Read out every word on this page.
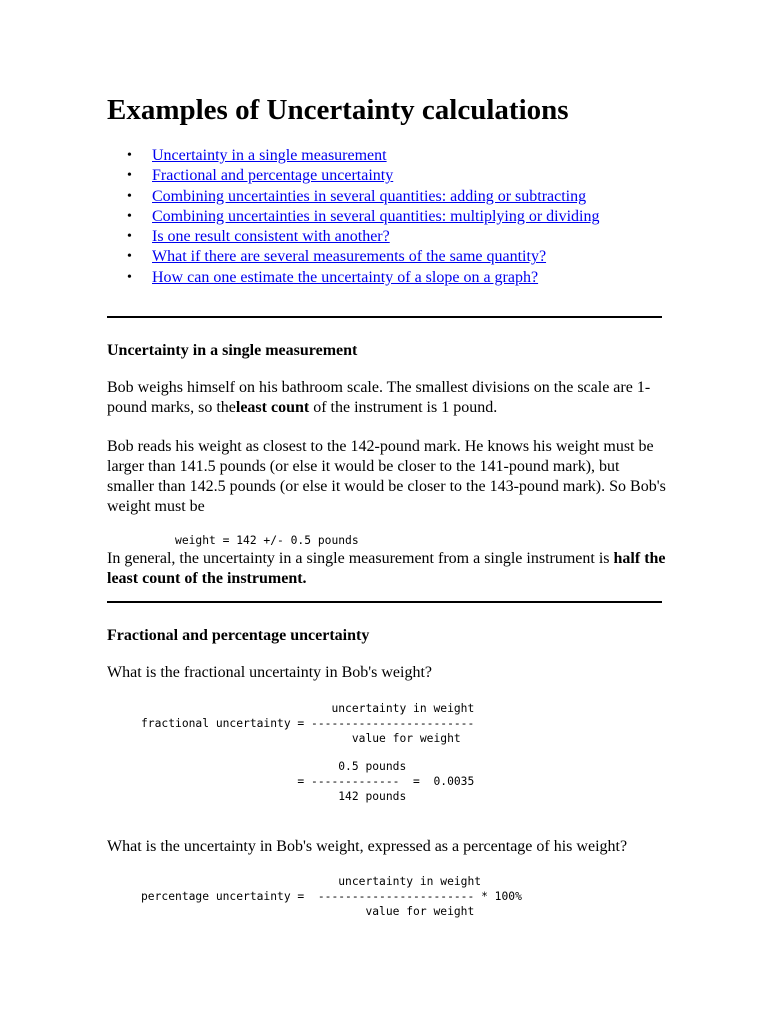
Examples of Uncertainty calculations
• Uncertainty in a single measurement
• Fractional and percentage uncertainty
• Combining uncertainties in several quantities: adding or subtracting
• Combining uncertainties in several quantities: multiplying or dividing
• Is one result consistent with another?
• What if there are several measurements of the same quantity?
• How can one estimate the uncertainty of a slope on a graph?
Uncertainty in a single measurement

Bob weighs himself on his bathroom scale. The smallest divisions on the scale are 1-pound marks, so theleast count of the instrument is 1 pound.

Bob reads his weight as closest to the 142-pound mark. He knows his weight must be larger than 141.5 pounds (or else it would be closer to the 141-pound mark), but smaller than 142.5 pounds (or else it would be closer to the 143-pound mark). So Bob's weight must be

weight = 142 +/- 0.5 pounds

In general, the uncertainty in a single measurement from a single instrument is half the least count of the instrument.

Fractional and percentage uncertainty

What is the fractional uncertainty in Bob's weight?

uncertainty in weight
fractional uncertainty = ------------------------
value for weight
0.5 pounds
= -------------  =  0.0035
142 pounds

What is the uncertainty in Bob's weight, expressed as a percentage of his weight?

uncertainty in weight
percentage uncertainty =  ----------------------- * 100%
value for weight
